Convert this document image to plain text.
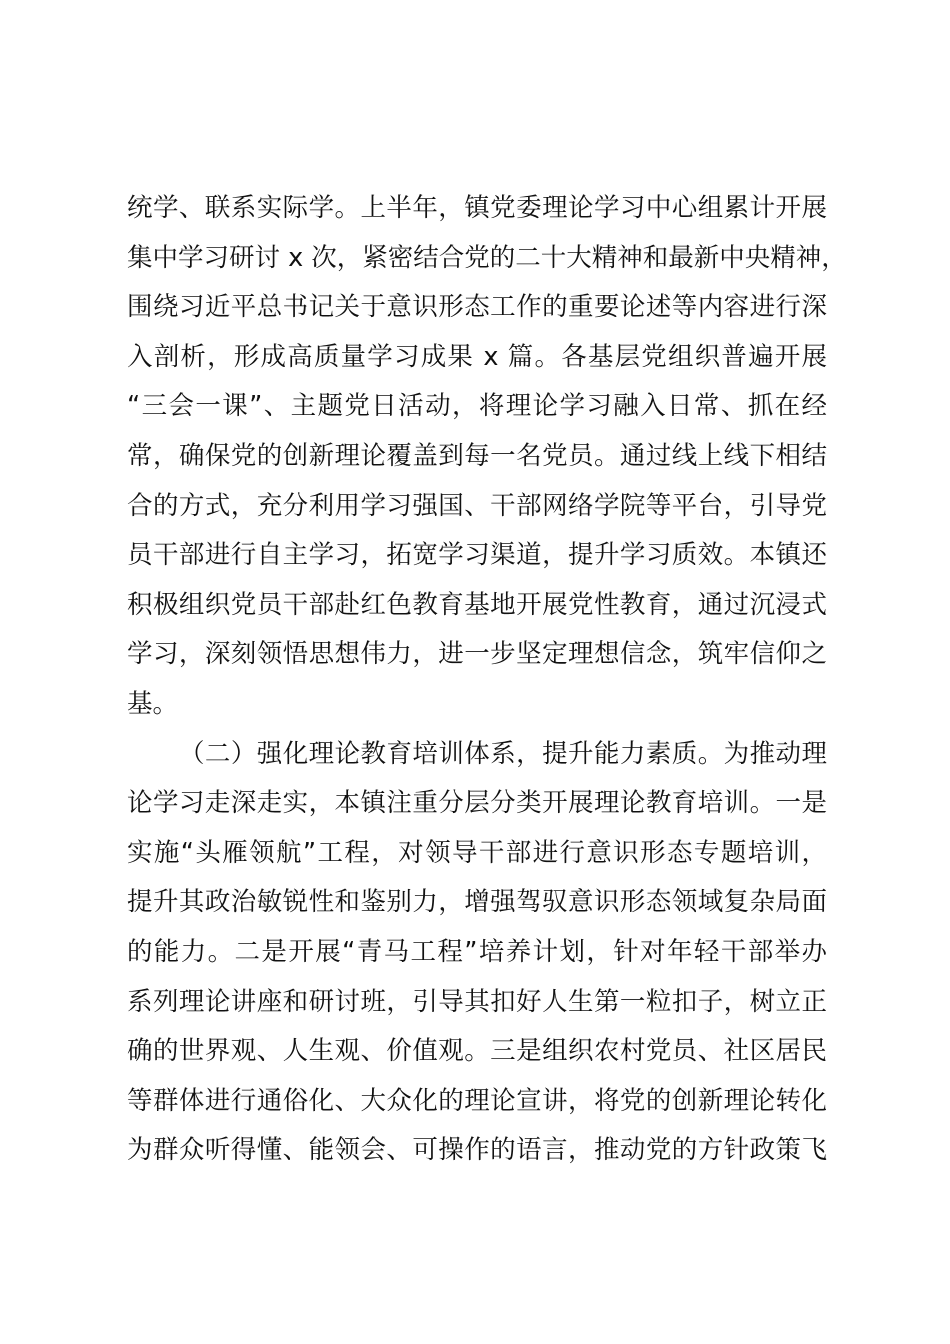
统学、联系实际学。上半年，镇党委理论学习中心组累计开展
集中学习研讨 x 次，紧密结合党的二十大精神和最新中央精神，
围绕习近平总书记关于意识形态工作的重要论述等内容进行深
入剖析，形成高质量学习成果 x 篇。各基层党组织普遍开展
“三会一课”、主题党日活动，将理论学习融入日常、抓在经
常，确保党的创新理论覆盖到每一名党员。通过线上线下相结
合的方式，充分利用学习强国、干部网络学院等平台，引导党
员干部进行自主学习，拓宽学习渠道，提升学习质效。本镇还
积极组织党员干部赴红色教育基地开展党性教育，通过沉浸式
学习，深刻领悟思想伟力，进一步坚定理想信念，筑牢信仰之
基。
（二）强化理论教育培训体系，提升能力素质。为推动理
论学习走深走实，本镇注重分层分类开展理论教育培训。一是
实施“头雁领航”工程，对领导干部进行意识形态专题培训，
提升其政治敏锐性和鉴别力，增强驾驭意识形态领域复杂局面
的能力。二是开展“青马工程”培养计划，针对年轻干部举办
系列理论讲座和研讨班，引导其扣好人生第一粒扣子，树立正
确的世界观、人生观、价值观。三是组织农村党员、社区居民
等群体进行通俗化、大众化的理论宣讲，将党的创新理论转化
为群众听得懂、能领会、可操作的语言，推动党的方针政策飞
